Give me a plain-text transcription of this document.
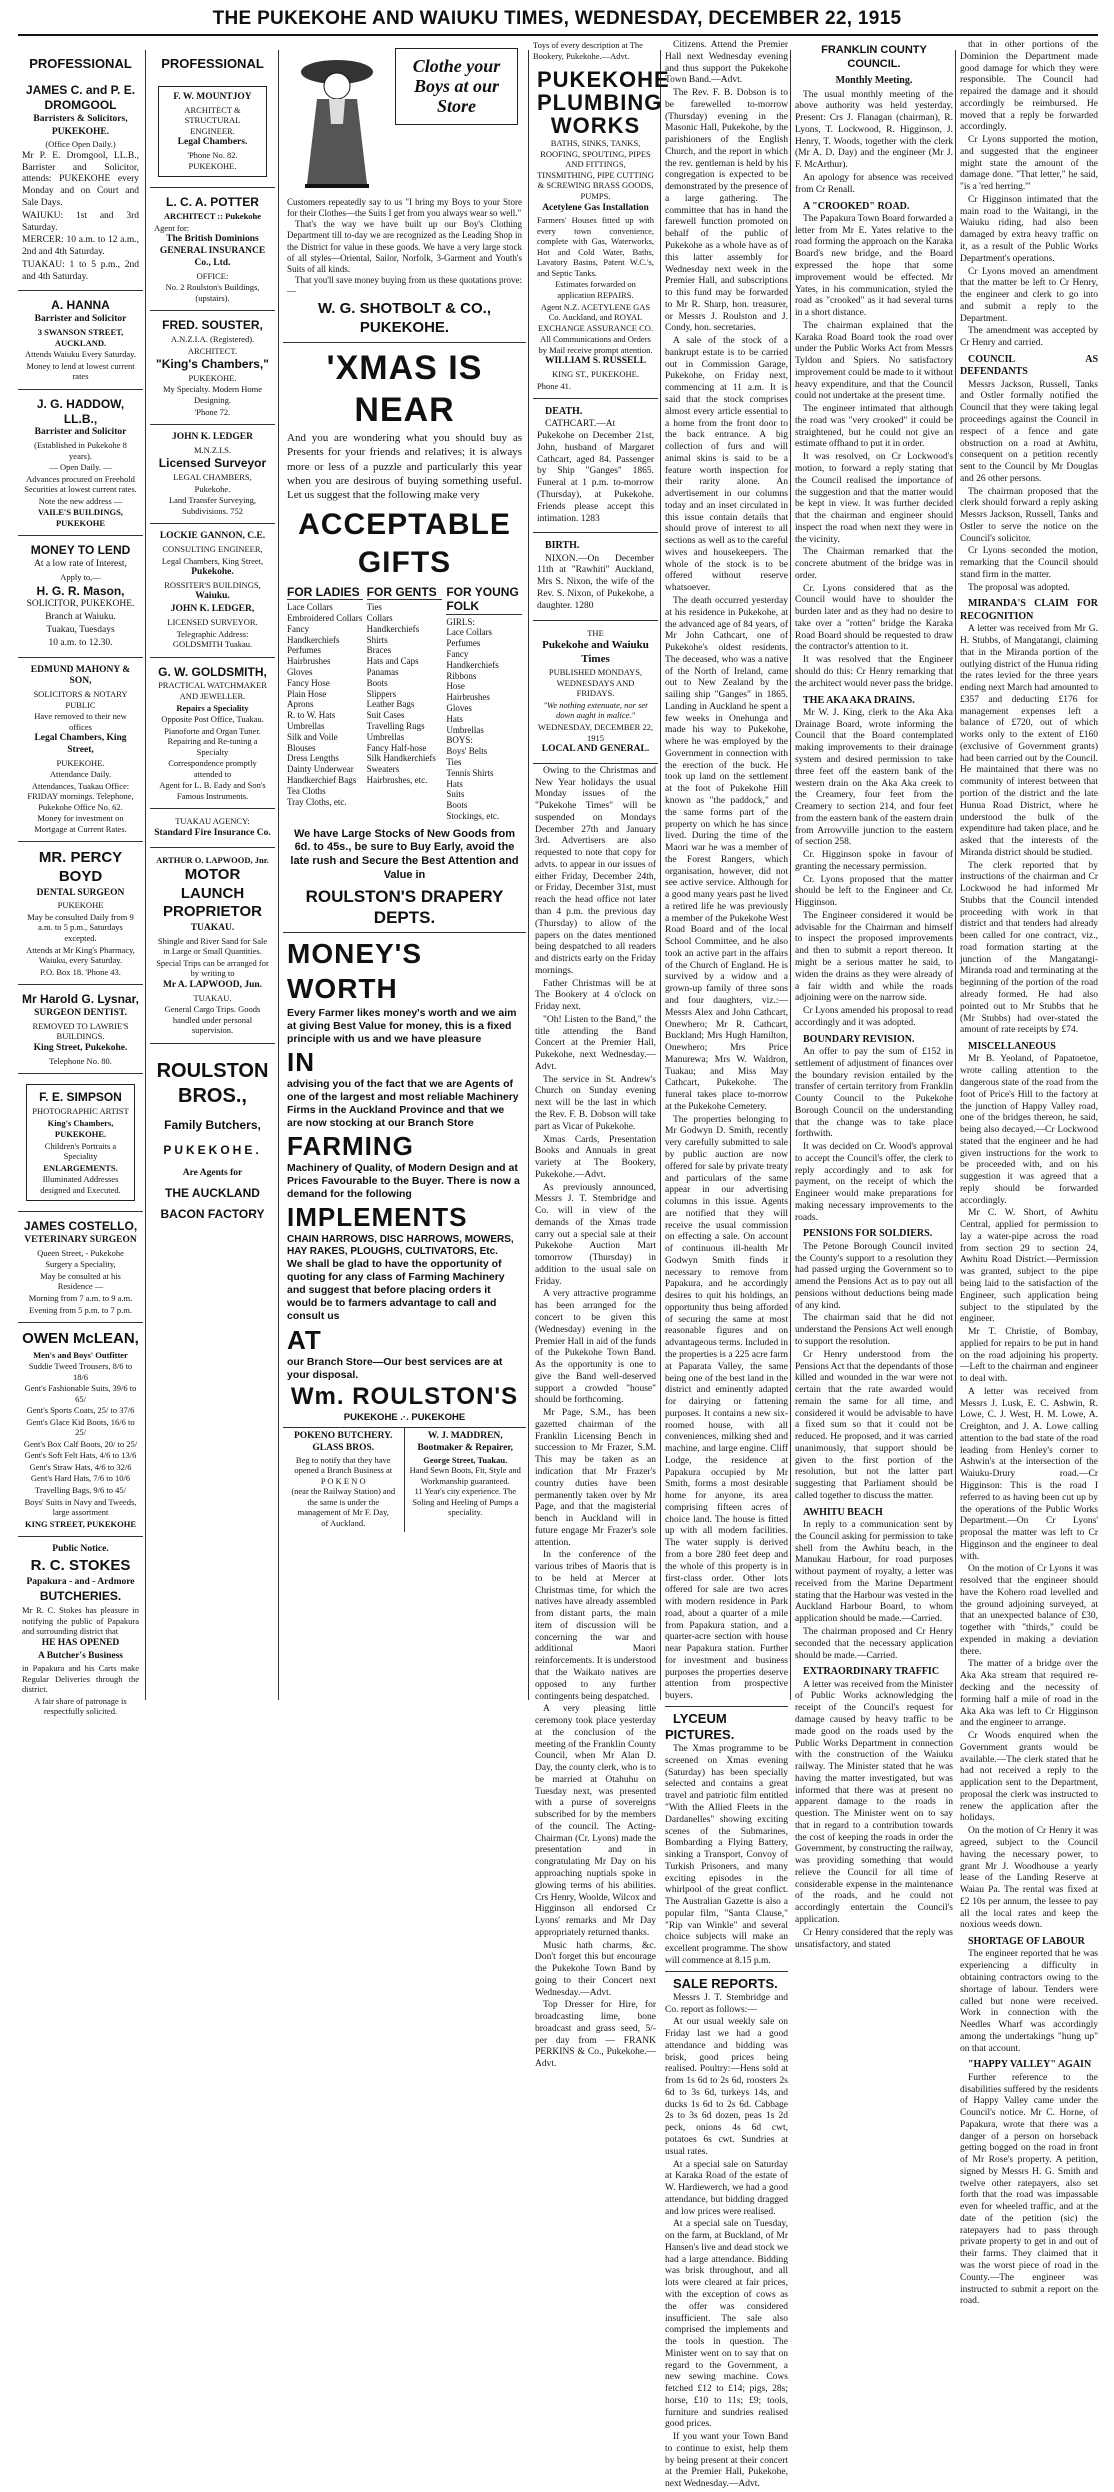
THE PUKEKOHE AND WAIUKU TIMES, WEDNESDAY, DECEMBER 22, 1915
PROFESSIONAL

JAMES C. and P. E. DROMGOOL

Barristers & Solicitors,

PUKEKOHE.

(Office Open Daily.)

Mr P. E. Dromgool, LL.B., Barrister and Solicitor, attends: PUKEKOHE every Monday and on Court and Sale Days.

WAIUKU: 1st and 3rd Saturday.

MERCER: 10 a.m. to 12 a.m., 2nd and 4th Saturday.

TUAKAU: 1 to 5 p.m., 2nd and 4th Saturday.

A. HANNA

Barrister and Solicitor

3 SWANSON STREET, AUCKLAND.

Attends Waiuku Every Saturday.

Money to lend at lowest current rates

J. G. HADDOW, LL.B.,

Barrister and Solicitor

(Established in Pukekohe 8 years).

— Open Daily. —

Advances procured on Freehold Securities at lowest current rates.

Note the new address —

VAILE'S BUILDINGS, PUKEKOHE

MONEY TO LEND

At a low rate of Interest,

Apply to,—

H. G. R. Mason,

SOLICITOR, PUKEKOHE.

Branch at Waiuku.

Tuakau, Tuesdays

10 a.m. to 12.30.

EDMUND MAHONY & SON,

SOLICITORS & NOTARY PUBLIC

Have removed to their new offices

Legal Chambers, King Street,

PUKEKOHE.

Attendance Daily.

Attendances, Tuakau Office: FRIDAY mornings. Telephone, Pukekohe Office No. 62.

Money for investment on Mortgage at Current Rates.

MR. PERCY BOYD

DENTAL SURGEON

PUKEKOHE

May be consulted Daily from 9 a.m. to 5 p.m., Saturdays excepted.

Attends at Mr King's Pharmacy, Waiuku, every Saturday.

P.O. Box 18. 'Phone 43.

Mr Harold G. Lysnar,

SURGEON DENTIST.

REMOVED TO LAWRIE'S BUILDINGS.

King Street, Pukekohe.

Telephone No. 80.

F. E. SIMPSON

PHOTOGRAPHIC ARTIST

King's Chambers,

PUKEKOHE.

Children's Portraits a Speciality

ENLARGEMENTS.

Illuminated Addresses designed and Executed.

JAMES COSTELLO,

VETERINARY SURGEON

Queen Street, - Pukekohe

Surgery a Speciality,

May be consulted at his Residence —

Morning from 7 a.m. to 9 a.m.

Evening from 5 p.m. to 7 p.m.

OWEN McLEAN,

Men's and Boys' Outfitter

Suddie Tweed Trousers, 8/6 to 18/6

Gent's Fashionable Suits, 39/6 to 65/

Gent's Sports Coats, 25/ to 37/6

Gent's Glace Kid Boots, 16/6 to 25/

Gent's Box Calf Boots, 20/ to 25/

Gent's Soft Felt Hats, 4/6 to 13/6

Gent's Straw Hats, 4/6 to 32/6

Gent's Hard Hats, 7/6 to 10/6

Travelling Bags, 9/6 to 45/

Boys' Suits in Navy and Tweeds, large assortment

KING STREET, PUKEKOHE

Public Notice.

R. C. STOKES

Papakura - and - Ardmore

BUTCHERIES.

Mr R. C. Stokes has pleasure in notifying the public of Papakura and surrounding district that

HE HAS OPENED

A Butcher's Business

in Papakura and his Carts make Regular Deliveries through the district.

A fair share of patronage is respectfully solicited.

PROFESSIONAL

F. W. MOUNTJOY

ARCHITECT & STRUCTURAL ENGINEER.

Legal Chambers.

'Phone No. 82. PUKEKOHE.

L. C. A. POTTER

ARCHITECT :: Pukekohe

Agent for:

The British Dominions GENERAL INSURANCE Co., Ltd.

OFFICE:

No. 2 Roulston's Buildings, (upstairs).

FRED. SOUSTER,

A.N.Z.I.A. (Registered).

ARCHITECT.

"King's Chambers,"

PUKEKOHE.

My Specialty. Modern Home Designing.

'Phone 72.

JOHN K. LEDGER

M.N.Z.I.S.

Licensed Surveyor

LEGAL CHAMBERS,

Pukekohe.

Land Transfer Surveying, Subdivisions. 752

LOCKIE GANNON, C.E.

CONSULTING ENGINEER,

Legal Chambers, King Street,

Pukekohe.

ROSSITER'S BUILDINGS,

Waiuku.

JOHN K. LEDGER,

LICENSED SURVEYOR.

Telegraphic Address: GOLDSMITH Tuakau.

G. W. GOLDSMITH,

PRACTICAL WATCHMAKER AND JEWELLER.

Repairs a Speciality

Opposite Post Office, Tuakau.

Pianoforte and Organ Tuner. Repairing and Re-tuning a Specialty

Correspondence promptly attended to

Agent for L. B. Eady and Son's Famous Instruments.

TUAKAU AGENCY:

Standard Fire Insurance Co.

ARTHUR O. LAPWOOD, Jnr.

MOTOR LAUNCH PROPRIETOR

TUAKAU.

Shingle and River Sand for Sale in Large or Small Quantities.

Special Trips can be arranged for by writing to

Mr A. LAPWOOD, Jun.

TUAKAU.

General Cargo Trips. Goods handled under personal supervision.

ROULSTON BROS.,

Family Butchers,

PUKEKOHE.

Are Agents for

THE AUCKLAND

BACON FACTORY

Clothe your Boys at our Store

Customers repeatedly say to us "I bring my Boys to your Store for their Clothes—the Suits I get from you always wear so well."

That's the way we have built up our Boy's Clothing Department till to-day we are recognized as the Leading Shop in the District for value in these goods. We have a very large stock of all styles—Oriental, Sailor, Norfolk, 3-Garment and Youth's Suits of all kinds.

That you'll save money buying from us these quotations prove:—

W. G. SHOTBOLT & CO., PUKEKOHE.

'XMAS IS NEAR

And you are wondering what you should buy as Presents for your friends and relatives; it is always more or less of a puzzle and particularly this year when you are desirous of buying something useful. Let us suggest that the following make very

ACCEPTABLE GIFTS

FOR LADIES
Lace Collars
Embroidered Collars
Fancy Handkerchiefs
Perfumes
Hairbrushes
Gloves
Fancy Hose
Plain Hose
Aprons
R. to W. Hats
Umbrellas
Silk and Voile Blouses
Dress Lengths
Dainty Underwear
Handkerchief Bags
Tea Cloths
Tray Cloths, etc.
FOR GENTS
Ties
Collars
Handkerchiefs
Shirts
Braces
Hats and Caps
Panamas
Boots
Slippers
Leather Bags
Suit Cases
Travelling Rugs
Umbrellas
Fancy Half-hose
Silk Handkerchiefs
Sweaters
Hairbrushes, etc.
FOR YOUNG FOLK
GIRLS:
Lace Collars
Perfumes
Fancy Handkerchiefs
Ribbons
Hose
Hairbrushes
Gloves
Hats
Umbrellas
BOYS:
Boys' Belts
Ties
Tennis Shirts
Hats
Suits
Boots
Stockings, etc.

We have Large Stocks of New Goods from 6d. to 45s., be sure to Buy Early, avoid the late rush and Secure the Best Attention and Value in

ROULSTON'S DRAPERY DEPTS.

MONEY'S WORTH

Every Farmer likes money's worth and we aim at giving Best Value for money, this is a fixed principle with us and we have pleasure

IN

advising you of the fact that we are Agents of one of the largest and most reliable Machinery Firms in the Auckland Province and that we are now stocking at our Branch Store

FARMING

Machinery of Quality, of Modern Design and at Prices Favourable to the Buyer. There is now a demand for the following

IMPLEMENTS

CHAIN HARROWS, DISC HARROWS, MOWERS, HAY RAKES, PLOUGHS, CULTIVATORS, Etc.

We shall be glad to have the opportunity of quoting for any class of Farming Machinery and suggest that before placing orders it would be to farmers advantage to call and consult us

AT

our Branch Store—Our best services are at your disposal.

Wm. ROULSTON'S

PUKEKOHE .·. PUKEKOHE

POKENO BUTCHERY.

GLASS BROS.

Beg to notify that they have opened a Branch Business at

P O K E N O

(near the Railway Station) and the same is under the management of Mr F. Day,

of Auckland.

W. J. MADDREN,

Bootmaker & Repairer,

George Street, Tuakau.

Hand Sewn Boots, Fit, Style and Workmanship guaranteed.

11 Year's city experience. The Soling and Heeling of Pumps a speciality.

Toys of every description at The Bookery, Pukekohe.—Advt.

PUKEKOHE PLUMBING WORKS

BATHS, SINKS, TANKS, ROOFING, SPOUTING, PIPES AND FITTINGS, TINSMITHING, PIPE CUTTING & SCREWING BRASS GOODS, PUMPS.

Acetylene Gas Installation

Farmers' Houses fitted up with every town convenience, complete with Gas, Waterworks, Hot and Cold Water, Baths, Lavatory Basins, Patent W.C.'s, and Septic Tanks.

Estimates forwarded on application REPAIRS.

Agent N.Z. ACETYLENE GAS Co. Auckland, and ROYAL EXCHANGE ASSURANCE CO.

All Communications and Orders by Mail receive prompt attention.

WILLIAM S. RUSSELL

KING ST., PUKEKOHE.

Phone 41.

DEATH.

CATHCART.—At Pukekohe on December 21st, John, husband of Margaret Cathcart, aged 84. Passenger by Ship "Ganges" 1865. Funeral at 1 p.m. to-morrow (Thursday), at Pukekohe. Friends please accept this intimation. 1283

BIRTH.

NIXON.—On December 11th at "Rawhiti" Auckland, Mrs S. Nixon, the wife of the Rev. S. Nixon, of Pukekohe, a daughter. 1280

THE

Pukekohe and Waiuku Times

PUBLISHED MONDAYS, WEDNESDAYS AND FRIDAYS.

"We nothing extenuate, nor set down aught in malice."

WEDNESDAY, DECEMBER 22, 1915

LOCAL AND GENERAL.

Owing to the Christmas and New Year holidays the usual Monday issues of the "Pukekohe Times" will be suspended on Mondays December 27th and January 3rd. Advertisers are also requested to note that copy for advts. to appear in our issues of either Friday, December 24th, or Friday, December 31st, must reach the head office not later than 4 p.m. the previous day (Thursday) to allow of the papers on the dates mentioned being despatched to all readers and districts early on the Friday mornings.

Father Christmas will be at The Bookery at 4 o'clock on Friday next.

"Oh! Listen to the Band," the title attending the Band Concert at the Premier Hall, Pukekohe, next Wednesday.—Advt.

The service in St. Andrew's Church on Sunday evening next will be the last in which the Rev. F. B. Dobson will take part as Vicar of Pukekohe.

Xmas Cards, Presentation Books and Annuals in great variety at The Bookery, Pukekohe.—Advt.

As previously announced, Messrs J. T. Stembridge and Co. will in view of the demands of the Xmas trade carry out a special sale at their Pukekohe Auction Mart tomorrow (Thursday) in addition to the usual sale on Friday.

A very attractive programme has been arranged for the concert to be given this (Wednesday) evening in the Premier Hall in aid of the funds of the Pukekohe Town Band. As the opportunity is one to give the Band well-deserved support a crowded "house" should be forthcoming.

Mr Page, S.M., has been gazetted chairman of the Franklin Licensing Bench in succession to Mr Frazer, S.M. This may be taken as an indication that Mr Frazer's country duties have been permanently taken over by Mr Page, and that the magisterial bench in Auckland will in future engage Mr Frazer's sole attention.

In the conference of the various tribes of Maoris that is to be held at Mercer at Christmas time, for which the natives have already assembled from distant parts, the main item of discussion will be concerning the war and additional Maori reinforcements. It is understood that the Waikato natives are opposed to any further contingents being despatched.

A very pleasing little ceremony took place yesterday at the conclusion of the meeting of the Franklin County Council, when Mr Alan D. Day, the county clerk, who is to be married at Otahuhu on Tuesday next, was presented with a purse of sovereigns subscribed for by the members of the council. The Acting-Chairman (Cr. Lyons) made the presentation and in congratulating Mr Day on his approaching nuptials spoke in glowing terms of his abilities. Crs Henry, Woolde, Wilcox and Higginson all endorsed Cr Lyons' remarks and Mr Day appropriately returned thanks.

Music hath charms, &c. Don't forget this but encourage the Pukekohe Town Band by going to their Concert next Wednesday.—Advt.

Top Dresser for Hire, for broadcasting lime, bone broadcast and grass seed, 5/- per day from — FRANK PERKINS & Co., Pukekohe.—Advt.

Citizens. Attend the Premier Hall next Wednesday evening and thus support the Pukekohe Town Band.—Advt.

The Rev. F. B. Dobson is to be farewelled to-morrow (Thursday) evening in the Masonic Hall, Pukekohe, by the parishioners of the English Church, and the report in which the rev. gentleman is held by his congregation is expected to be demonstrated by the presence of a large gathering. The committee that has in hand the farewell function promoted on behalf of the public of Pukekohe as a whole have as of this latter assembly for Wednesday next week in the Premier Hall, and subscriptions to this fund may be forwarded to Mr R. Sharp, hon. treasurer, or Messrs J. Roulston and J. Condy, hon. secretaries.

A sale of the stock of a bankrupt estate is to be carried out in Commission Garage, Pukekohe, on Friday next, commencing at 11 a.m. It is said that the stock comprises almost every article essential to a home from the front door to the back entrance. A big collection of furs and will animal skins is said to be a feature worth inspection for their rarity alone. An advertisement in our columns today and an inset circulated in this issue contain details that should prove of interest to all sections as well as to the careful wives and housekeepers. The whole of the stock is to be offered without reserve whatsoever.

The death occurred yesterday at his residence in Pukekohe, at the advanced age of 84 years, of Mr John Cathcart, one of Pukekohe's oldest residents. The deceased, who was a native of the North of Ireland, came out to New Zealand by the sailing ship "Ganges" in 1865. Landing in Auckland he spent a few weeks in Onehunga and made his way to Pukekohe, where he was employed by the Government in connection with the erection of the buck. He took up land on the settlement at the foot of Pukekohe Hill known as "the paddock," and the same forms part of the property on which he has since lived. During the time of the Maori war he was a member of the Forest Rangers, which organisation, however, did not see active service. Although for a good many years past he lived a retired life he was previously a member of the Pukekohe West Road Board and of the local School Committee, and he also took an active part in the affairs of the Church of England. He is survived by a widow and a grown-up family of three sons and four daughters, viz.:—Messrs Alex and John Cathcart, Onewhero; Mr R. Cathcart, Buckland; Mrs Hugh Hamilton, Onewhero; Mrs Price Manurewa; Mrs W. Waldron, Tuakau; and Miss May Cathcart, Pukekohe. The funeral takes place to-morrow at the Pukekohe Cemetery.

The properties belonging to Mr Godwyn D. Smith, recently very carefully submitted to sale by public auction are now offered for sale by private treaty and particulars of the same appear in our advertising columns in this issue. Agents are notified that they will receive the usual commission on effecting a sale. On account of continuous ill-health Mr Godwyn Smith finds it necessary to remove from Papakura, and he accordingly desires to quit his holdings, an opportunity thus being afforded of securing the same at most reasonable figures and on advantageous terms. Included in the properties is a 225 acre farm at Paparata Valley, the same being one of the best land in the district and eminently adapted for dairying or fattening purposes. It contains a new six-roomed house, with all conveniences, milking shed and machine, and large engine. Cliff Lodge, the residence at Papakura occupied by Mr Smith, forms a most desirable home for anyone, its area comprising fifteen acres of choice land. The house is fitted up with all modern facilities. The water supply is derived from a bore 280 feet deep and the whole of this property is in first-class order. Other lots offered for sale are two acres with modern residence in Park road, about a quarter of a mile from Papakura station, and a quarter-acre section with house near Papakura station. Further for investment and business purposes the properties deserve attention from prospective buyers.

LYCEUM PICTURES.

The Xmas programme to be screened on Xmas evening (Saturday) has been specially selected and contains a great travel and patriotic film entitled "With the Allied Fleets in the Dardanelles" showing exciting scenes of the Submarines, Bombarding a Flying Battery, sinking a Transport, Convoy of Turkish Prisoners, and many exciting episodes in the whirlpool of the great conflict. The Australian Gazette is also a popular film, "Santa Clause," "Rip van Winkle" and several choice subjects will make an excellent programme. The show will commence at 8.15 p.m.

SALE REPORTS.

Messrs J. T. Stembridge and Co. report as follows:—

At our usual weekly sale on Friday last we had a good attendance and bidding was brisk, good prices being realised. Poultry:—Hens sold at from 1s 6d to 2s 6d, roosters 2s 6d to 3s 6d, turkeys 14s, and ducks 1s 6d to 2s 6d. Cabbage 2s to 3s 6d dozen, peas 1s 2d peck, onions 4s 6d cwt, potatoes 6s cwt. Sundries at usual rates.

At a special sale on Saturday at Karaka Road of the estate of W. Hardiewerch, we had a good attendance, but bidding dragged and low prices were realised.

At a special sale on Tuesday, on the farm, at Buckland, of Mr Hansen's live and dead stock we had a large attendance. Bidding was brisk throughout, and all lots were cleared at fair prices, with the exception of cows as the offer was considered insufficient. The sale also comprised the implements and the tools in question. The Minister went on to say that on regard to the Government, a new sewing machine. Cows fetched £12 to £14; pigs, 28s; horse, £10 to 11s; £9; tools, furniture and sundries realised good prices.

If you want your Town Band to continue to exist, help them by being present at their concert at the Premier Hall, Pukekohe, next Wednesday.—Advt.

FRANKLIN COUNTY COUNCIL.

Monthly Meeting.

The usual monthly meeting of the above authority was held yesterday. Present: Crs J. Flanagan (chairman), R. Lyons, T. Lockwood, R. Higginson, J. Henry, T. Woods, together with the clerk (Mr A. D. Day) and the engineer (Mr J. F. McArthur).

An apology for absence was received from Cr Renall.

A "CROOKED" ROAD.

The Papakura Town Board forwarded a letter from Mr E. Yates relative to the road forming the approach on the Karaka Board's new bridge, and the Board expressed the hope that some improvement would be effected. Mr Yates, in his communication, styled the road as "crooked" as it had several turns in a short distance.

The chairman explained that the Karaka Road Board took the road over under the Public Works Act from Messrs Tyldon and Spiers. No satisfactory improvement could be made to it without heavy expenditure, and that the Council could not undertake at the present time.

The engineer intimated that although the road was "very crooked" it could be straightened, but he could not give an estimate offhand to put it in order.

It was resolved, on Cr Lockwood's motion, to forward a reply stating that the Council realised the importance of the suggestion and that the matter would be kept in view. It was further decided that the chairman and engineer should inspect the road when next they were in the vicinity.

The Chairman remarked that the concrete abutment of the bridge was in order.

Cr. Lyons considered that as the Council would have to shoulder the burden later and as they had no desire to take over a "rotten" bridge the Karaka Road Board should be requested to draw the contractor's attention to it.

It was resolved that the Engineer should do this: Cr Henry remarking that the architect would never pass the bridge.

THE AKA AKA DRAINS.

Mr W. J. King, clerk to the Aka Aka Drainage Board, wrote informing the Council that the Board contemplated making improvements to their drainage system and desired permission to take three feet off the eastern bank of the western drain on the Aka Aka creek to the Creamery, four feet from the Creamery to section 214, and four feet from the eastern bank of the eastern drain from Arrowville junction to the eastern of section 258.

Cr. Higginson spoke in favour of granting the necessary permission.

Cr. Lyons proposed that the matter should be left to the Engineer and Cr. Higginson.

The Engineer considered it would be advisable for the Chairman and himself to inspect the proposed improvements and then to submit a report thereon. It might be a serious matter he said, to widen the drains as they were already of a fair width and while the roads adjoining were on the narrow side.

Cr Lyons amended his proposal to read accordingly and it was adopted.

BOUNDARY REVISION.

An offer to pay the sum of £152 in settlement of adjustment of finances over the boundary revision entailed by the transfer of certain territory from Franklin County Council to the Pukekohe Borough Council on the understanding that the change was to take place forthwith.

It was decided on Cr. Wood's approval to accept the Council's offer, the clerk to reply accordingly and to ask for payment, on the receipt of which the Engineer would make preparations for making necessary improvements to the roads.

PENSIONS FOR SOLDIERS.

The Petone Borough Council invited the County's support to a resolution they had passed urging the Government so to amend the Pensions Act as to pay out all pensions without deductions being made of any kind.

The chairman said that he did not understand the Pensions Act well enough to support the resolution.

Cr Henry understood from the Pensions Act that the dependants of those killed and wounded in the war were not certain that the rate awarded would remain the same for all time, and considered it would be advisable to have a fixed sum so that it could not be reduced. He proposed, and it was carried unanimously, that support should be given to the first portion of the resolution, but not the latter part suggesting that Parliament should be called together to discuss the matter.

AWHITU BEACH

In reply to a communication sent by the Council asking for permission to take shell from the Awhitu beach, in the Manukau Harbour, for road purposes without payment of royalty, a letter was received from the Marine Department stating that the Harbour was vested in the Auckland Harbour Board, to whom application should be made.—Carried.

The chairman proposed and Cr Henry seconded that the necessary application should be made.—Carried.

EXTRAORDINARY TRAFFIC

A letter was received from the Minister of Public Works acknowledging the receipt of the Council's request for damage caused by heavy traffic to be made good on the roads used by the Public Works Department in connection with the construction of the Waiuku railway. The Minister stated that he was having the matter investigated, but was informed that there was at present no apparent damage to the roads in question. The Minister went on to say that in regard to a contribution towards the cost of keeping the roads in order the Government, by constructing the railway, was providing something that would relieve the Council for all time of considerable expense in the maintenance of the roads, and he could not accordingly entertain the Council's application.

Cr Henry considered that the reply was unsatisfactory, and stated

that in other portions of the Dominion the Department made good damage for which they were responsible. The Council had repaired the damage and it should accordingly be reimbursed. He moved that a reply be forwarded accordingly.

Cr Lyons supported the motion, and suggested that the engineer might state the amount of the damage done. "That letter," he said, "is a 'red herring.'"

Cr Higginson intimated that the main road to the Waitangi, in the Waiuku riding, had also been damaged by extra heavy traffic on it, as a result of the Public Works Department's operations.

Cr Lyons moved an amendment that the matter be left to Cr Henry, the engineer and clerk to go into and submit a reply to the Department.

The amendment was accepted by Cr Henry and carried.

COUNCIL AS DEFENDANTS

Messrs Jackson, Russell, Tanks and Ostler formally notified the Council that they were taking legal proceedings against the Council in respect of a fence and gate obstruction on a road at Awhitu, consequent on a petition recently sent to the Council by Mr Douglas and 26 other persons.

The chairman proposed that the clerk should forward a reply asking Messrs Jackson, Russell, Tanks and Ostler to serve the notice on the Council's solicitor.

Cr Lyons seconded the motion, remarking that the Council should stand firm in the matter.

The proposal was adopted.

MIRANDA'S CLAIM FOR RECOGNITION

A letter was received from Mr G. H. Stubbs, of Mangatangi, claiming that in the Miranda portion of the outlying district of the Hunua riding the rates levied for the three years ending next March had amounted to £357 and deducting £176 for management expenses left a balance of £720, out of which works only to the extent of £160 (exclusive of Government grants) had been carried out by the Council. He maintained that there was no community of interest between that portion of the district and the late Hunua Road District, where he understood the bulk of the expenditure had taken place, and he asked that the interests of the Miranda district should be studied.

The clerk reported that by instructions of the chairman and Cr Lockwood he had informed Mr Stubbs that the Council intended proceeding with work in that district and that tenders had already been called for one contract, viz., road formation starting at the junction of the Mangatangi-Miranda road and terminating at the beginning of the portion of the road already formed. He had also pointed out to Mr Stubbs that he (Mr Stubbs) had over-stated the amount of rate receipts by £74.

MISCELLANEOUS

Mr B. Yeoland, of Papatoetoe, wrote calling attention to the dangerous state of the road from the foot of Price's Hill to the factory at the junction of Happy Valley road, one of the bridges thereon, he said, being also decayed.—Cr Lockwood stated that the engineer and he had given instructions for the work to be proceeded with, and on his suggestion it was agreed that a reply should be forwarded accordingly.

Mr C. W. Short, of Awhitu Central, applied for permission to lay a water-pipe across the road from section 29 to section 24, Awhitu Road District.—Permission was granted, subject to the pipe being laid to the satisfaction of the Engineer, such application being subject to the stipulated by the engineer.

Mr T. Christie, of Bombay, applied for repairs to be put in hand on the road adjoining his property.—Left to the chairman and engineer to deal with.

A letter was received from Messrs J. Lusk, E. C. Ashwin, R. Lowe, C. J. West, H. M. Lowe, A. Creighton, and J. A. Lowe calling attention to the bad state of the road leading from Henley's corner to Ashwin's at the intersection of the Waiuku-Drury road.—Cr Higginson: This is the road I referred to as having been cut up by the operations of the Public Works Department.—On Cr Lyons' proposal the matter was left to Cr Higginson and the engineer to deal with.

On the motion of Cr Lyons it was resolved that the engineer should have the Kohero road levelled and the ground adjoining surveyed, at that an unexpected balance of £30, together with "thirds," could be expended in making a deviation there.

The matter of a bridge over the Aka Aka stream that required re-decking and the necessity of forming half a mile of road in the Aka Aka was left to Cr Higginson and the engineer to arrange.

Cr Woods enquired when the Government grants would be available.—The clerk stated that he had not received a reply to the application sent to the Department, proposal the clerk was instructed to renew the application after the holidays.

On the motion of Cr Henry it was agreed, subject to the Council having the necessary power, to grant Mr J. Woodhouse a yearly lease of the Landing Reserve at Waiau Pa. The rental was fixed at £2 10s per annum, the lessee to pay all the local rates and keep the noxious weeds down.

SHORTAGE OF LABOUR

The engineer reported that he was experiencing a difficulty in obtaining contractors owing to the shortage of labour. Tenders were called but none were received. Work in connection with the Needles Wharf was accordingly among the undertakings "hung up" on that account.

"HAPPY VALLEY" AGAIN

Further reference to the disabilities suffered by the residents of Happy Valley came under the Council's notice. Mr C. Horne, of Papakura, wrote that there was a danger of a person on horseback getting bogged on the road in front of Mr Rose's property. A petition, signed by Messrs H. G. Smith and twelve other ratepayers, also set forth that the road was impassable even for wheeled traffic, and at the date of the petition (sic) the ratepayers had to pass through private property to get in and out of their farms. They claimed that it was the worst piece of road in the County.—The engineer was instructed to submit a report on the road.
